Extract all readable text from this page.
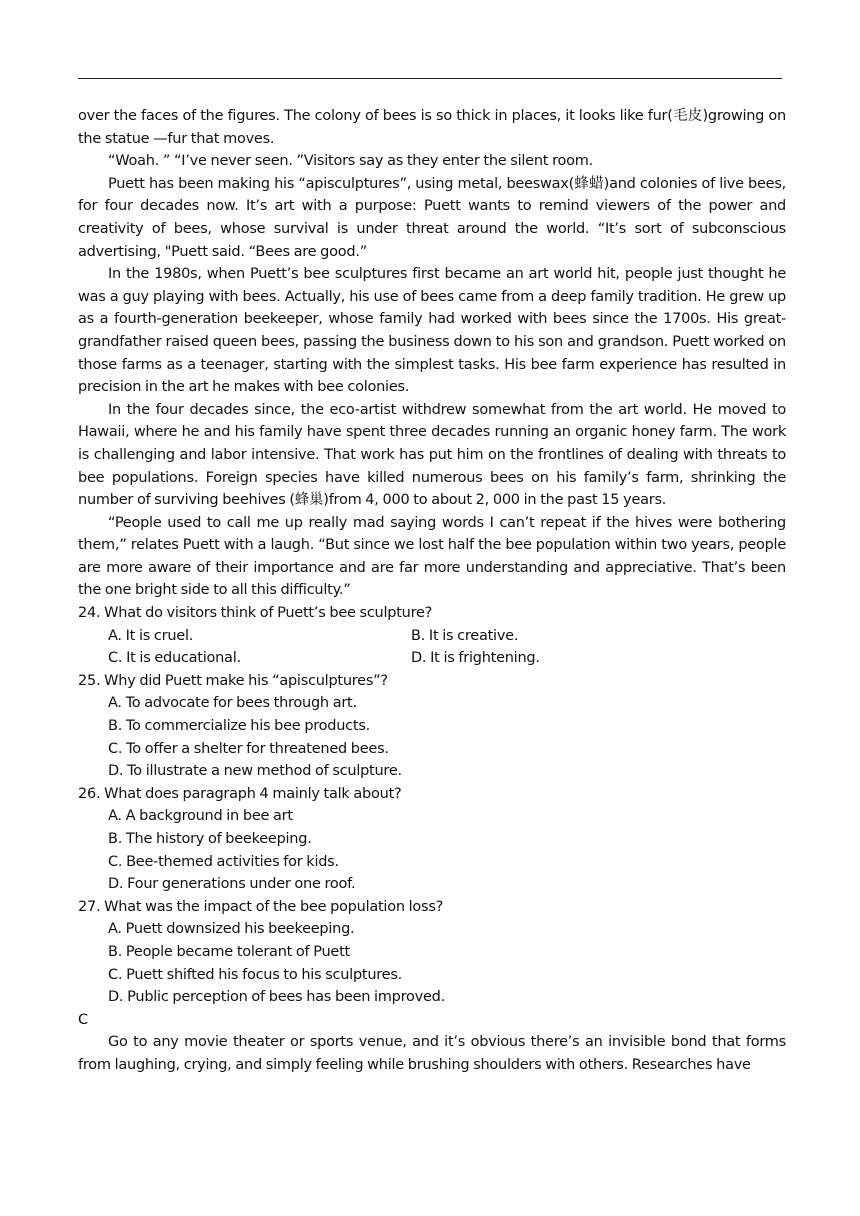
over the faces of the figures. The colony of bees is so thick in places, it looks like fur(毛皮)growing on the statue —fur that moves.

“Woah. ” “I’ve never seen. ”Visitors say as they enter the silent room.

Puett has been making his “apisculptures”, using metal, beeswax(蜂蜡)and colonies of live bees, for four decades now. It’s art with a purpose: Puett wants to remind viewers of the power and creativity of bees, whose survival is under threat around the world. “It’s sort of subconscious advertising, "Puett said. “Bees are good.”

In the 1980s, when Puett’s bee sculptures first became an art world hit, people just thought he was a guy playing with bees. Actually, his use of bees came from a deep family tradition. He grew up as a fourth-generation beekeeper, whose family had worked with bees since the 1700s. His great-grandfather raised queen bees, passing the business down to his son and grandson. Puett worked on those farms as a teenager, starting with the simplest tasks. His bee farm experience has resulted in precision in the art he makes with bee colonies.

In the four decades since, the eco-artist withdrew somewhat from the art world. He moved to Hawaii, where he and his family have spent three decades running an organic honey farm. The work is challenging and labor intensive. That work has put him on the frontlines of dealing with threats to bee populations. Foreign species have killed numerous bees on his family’s farm, shrinking the number of surviving beehives (蜂巢)from 4, 000 to about 2, 000 in the past 15 years.

“People used to call me up really mad saying words I can’t repeat if the hives were bothering them,” relates Puett with a laugh. “But since we lost half the bee population within two years, people are more aware of their importance and are far more understanding and appreciative. That’s been the one bright side to all this difficulty.”

24. What do visitors think of Puett’s bee sculpture?

A. It is cruel.	B. It is creative.

C. It is educational.	D. It is frightening.

25. Why did Puett make his “apisculptures”?

A. To advocate for bees through art.

B. To commercialize his bee products.

C. To offer a shelter for threatened bees.

D. To illustrate a new method of sculpture.

26. What does paragraph 4 mainly talk about?

A. A background in bee art

B. The history of beekeeping.

C. Bee-themed activities for kids.

D. Four generations under one roof.

27. What was the impact of the bee population loss?

A. Puett downsized his beekeeping.

B. People became tolerant of Puett

C. Puett shifted his focus to his sculptures.

D. Public perception of bees has been improved.

C

Go to any movie theater or sports venue, and it’s obvious there’s an invisible bond that forms from laughing, crying, and simply feeling while brushing shoulders with others. Researches have
